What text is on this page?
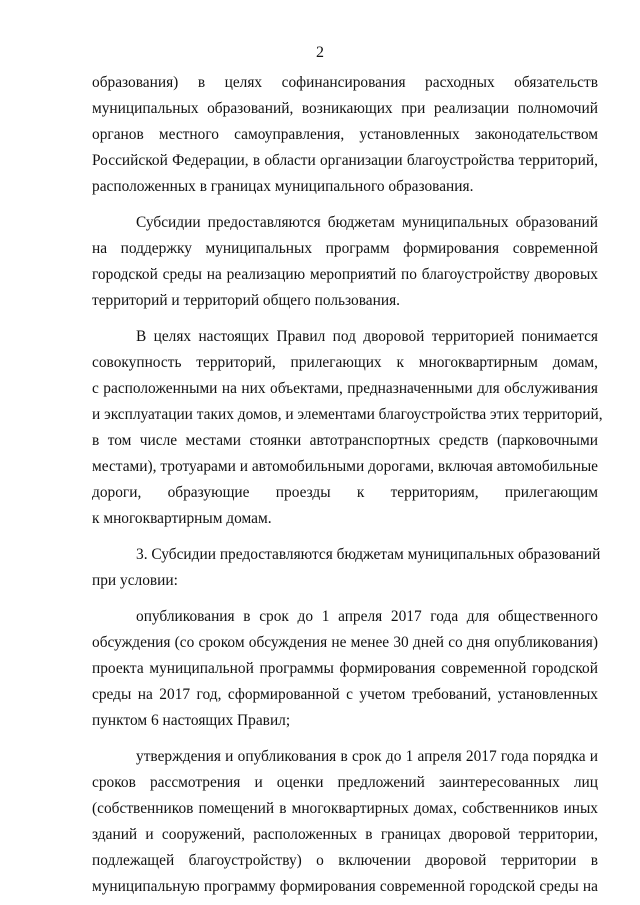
2
образования) в целях софинансирования расходных обязательств
муниципальных образований, возникающих при реализации полномочий
органов местного самоуправления, установленных законодательством
Российской Федерации, в области организации благоустройства территорий,
расположенных в границах муниципального образования.
Субсидии предоставляются бюджетам муниципальных образований
на поддержку муниципальных программ формирования современной
городской среды на реализацию мероприятий по благоустройству дворовых
территорий и территорий общего пользования.
В целях настоящих Правил под дворовой территорией понимается
совокупность территорий, прилегающих к многоквартирным домам,
с расположенными на них объектами, предназначенными для обслуживания
и эксплуатации таких домов, и элементами благоустройства этих территорий,
в том числе местами стоянки автотранспортных средств (парковочными
местами), тротуарами и автомобильными дорогами, включая автомобильные
дороги, образующие проезды к территориям, прилегающим
к многоквартирным домам.
3. Субсидии предоставляются бюджетам муниципальных образований
при условии:
опубликования в срок до 1 апреля 2017 года для общественного
обсуждения (со сроком обсуждения не менее 30 дней со дня опубликования)
проекта муниципальной программы формирования современной городской
среды на 2017 год, сформированной с учетом требований, установленных
пунктом 6 настоящих Правил;
утверждения и опубликования в срок до 1 апреля 2017 года порядка и
сроков рассмотрения и оценки предложений заинтересованных лиц
(собственников помещений в многоквартирных домах, собственников иных
зданий и сооружений, расположенных в границах дворовой территории,
подлежащей благоустройству) о включении дворовой территории в
муниципальную программу формирования современной городской среды на
